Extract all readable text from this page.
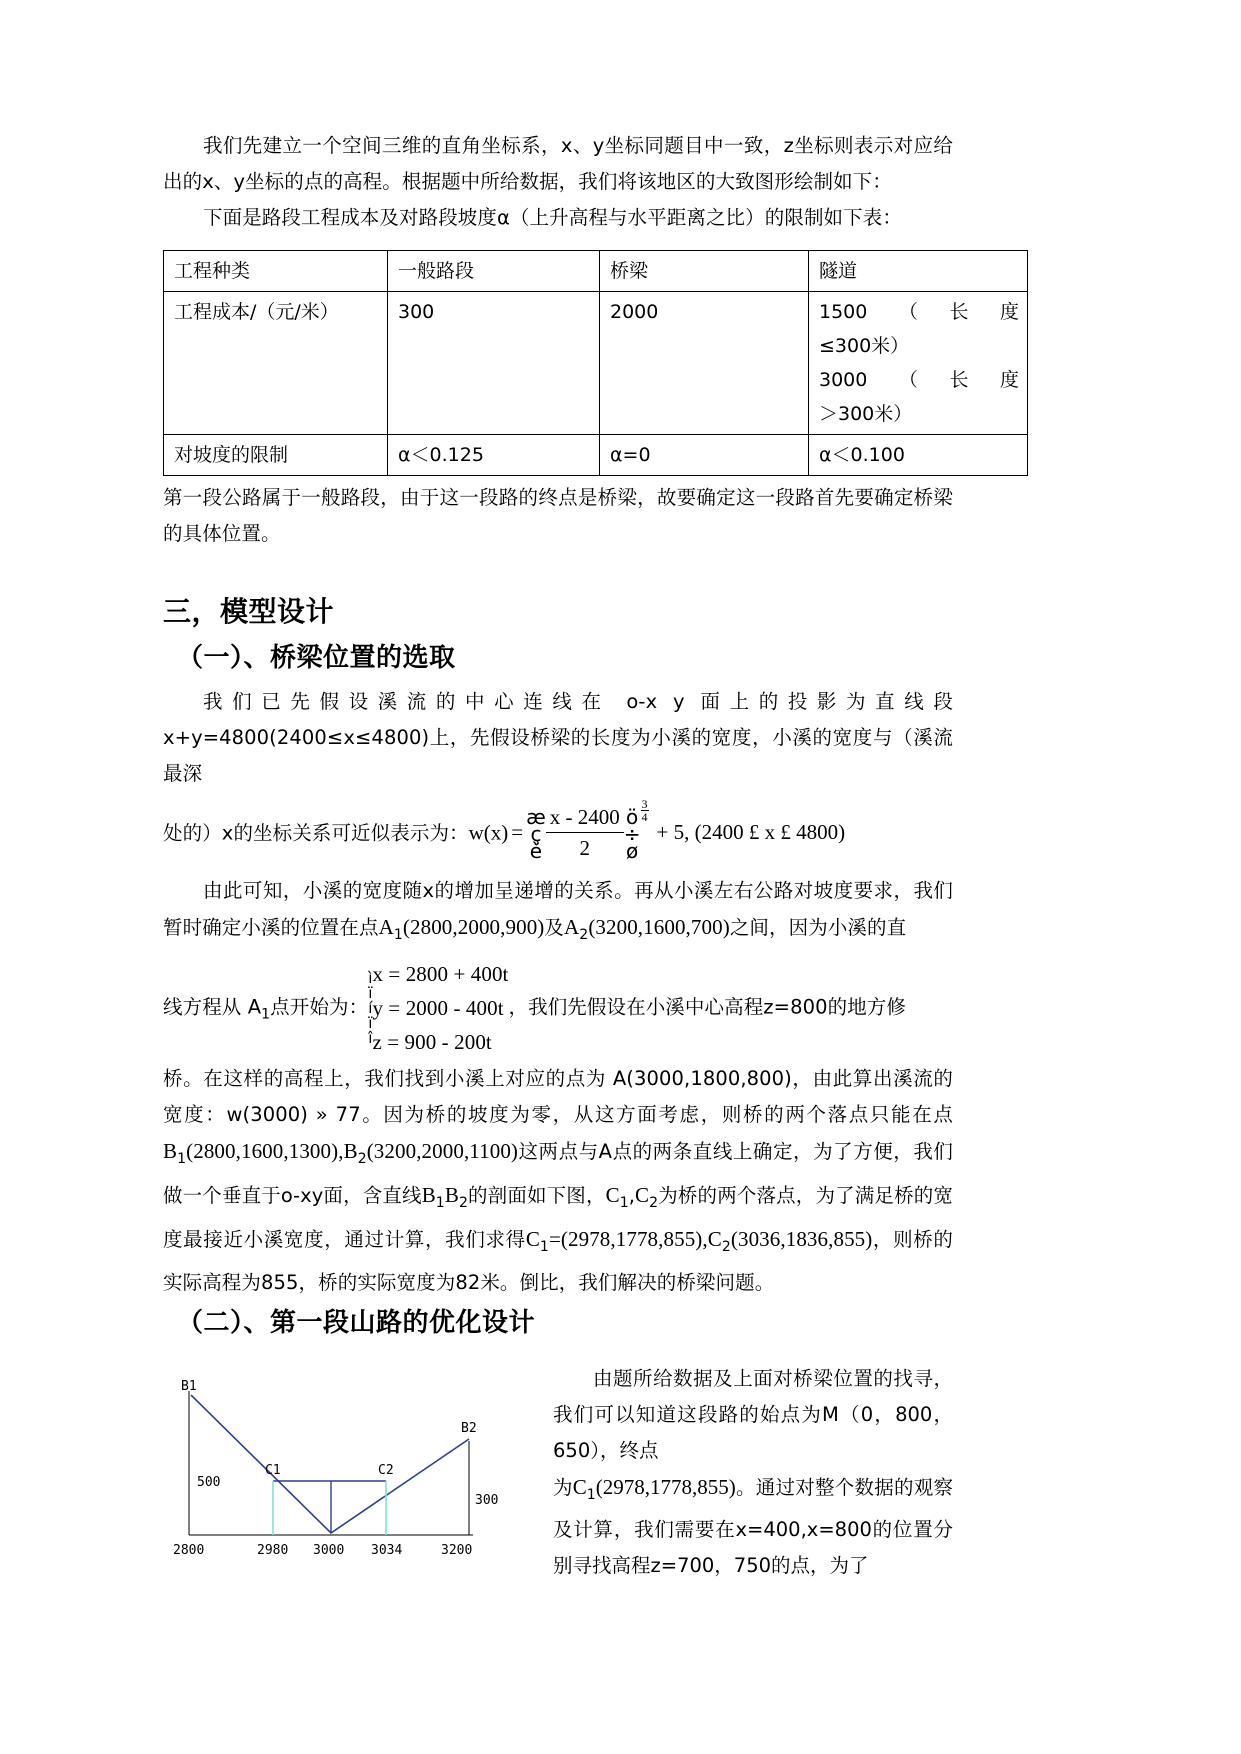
我们先建立一个空间三维的直角坐标系，x、y坐标同题目中一致，z坐标则表示对应给出的x、y坐标的点的高程。根据题中所给数据，我们将该地区的大致图形绘制如下：

下面是路段工程成本及对路段坡度α（上升高程与水平距离之比）的限制如下表：

工程种类	一般路段	桥梁	隧道
工程成本/（元/米）	300	2000	1500（长度
≤300米）
3000（长度
＞300米）
对坡度的限制	α＜0.125	α=0	α＜0.100

第一段公路属于一般路段，由于这一段路的终点是桥梁，故要确定这一段路首先要确定桥梁的具体位置。

三，模型设计
（一）、桥梁位置的选取

我们已先假设溪流的中心连线在 o‑x y 面上的投影为直线段

x+y=4800(2400≤x≤4800)上，先假设桥梁的长度为小溪的宽度，小溪的宽度与（溪流最深

处的）x的坐标关系可近似表示为：w(x) =
æ
ç
è $\frac{x - 2400}{2}$ ö
÷
ø
$\frac{3}{4}$
+ 5, (2400 £ x £ 4800)

由此可知，小溪的宽度随x的增加呈递增的关系。再从小溪左右公路对坡度要求，我们暂时确定小溪的位置在点$A_1(2800,2000,900)$及$A_2(3200,1600,700)$之间，因为小溪的直

线方程从 $A_1$点开始为：
ì
ï
í
ï
î
x = 2800 + 400t
y = 2000 - 400t
z = 900 - 200t
，我们先假设在小溪中心高程z=800的地方修

桥。在这样的高程上，我们找到小溪上对应的点为 A(3000,1800,800)，由此算出溪流的宽度：w(3000) » 77。因为桥的坡度为零，从这方面考虑，则桥的两个落点只能在点$B_1(2800,1600,1300),B_2(3200,2000,1100)$这两点与A点的两条直线上确定，为了方便，我们做一个垂直于o‑xy面，含直线$B_1B_2$的剖面如下图，$C_1,C_2$为桥的两个落点，为了满足桥的宽度最接近小溪宽度，通过计算，我们求得$C_1=(2978,1778,855),C_2(3036,1836,855)$，则桥的实际高程为855，桥的实际宽度为82米。倒比，我们解决的桥梁问题。

（二）、第一段山路的优化设计
B1
B2
C1	C2
500
300
2800	2980 3000 3034	3200
由题所给数据及上面对桥梁位置的找寻，我们可以知道这段路的始点为M（0，800，650），终点
为$C_1(2978,1778,855)$。通过对整个数据的观察及计算，我们需要在x=400,x=800的位置分别寻找高程z=700，750的点，为了
